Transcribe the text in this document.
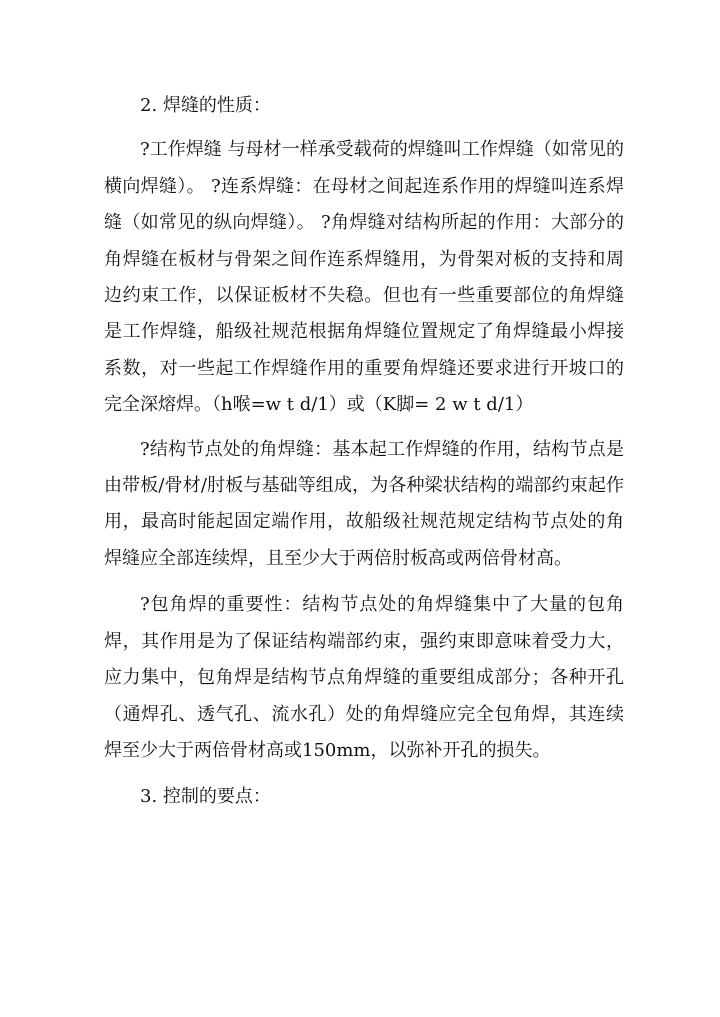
2. 焊缝的性质：

?工作焊缝 与母材一样承受载荷的焊缝叫工作焊缝（如常见的横向焊缝）。 ?连系焊缝：在母材之间起连系作用的焊缝叫连系焊缝（如常见的纵向焊缝）。 ?角焊缝对结构所起的作用：大部分的角焊缝在板材与骨架之间作连系焊缝用，为骨架对板的支持和周边约束工作，以保证板材不失稳。但也有一些重要部位的角焊缝是工作焊缝，船级社规范根据角焊缝位置规定了角焊缝最小焊接系数，对一些起工作焊缝作用的重要角焊缝还要求进行开坡口的完全深熔焊。（h喉=w t d/1）或（K脚= 2 w t d/1）

?结构节点处的角焊缝：基本起工作焊缝的作用，结构节点是由带板/骨材/肘板与基础等组成，为各种梁状结构的端部约束起作用，最高时能起固定端作用，故船级社规范规定结构节点处的角焊缝应全部连续焊，且至少大于两倍肘板高或两倍骨材高。

?包角焊的重要性：结构节点处的角焊缝集中了大量的包角焊，其作用是为了保证结构端部约束，强约束即意味着受力大，应力集中，包角焊是结构节点角焊缝的重要组成部分；各种开孔（通焊孔、透气孔、流水孔）处的角焊缝应完全包角焊，其连续焊至少大于两倍骨材高或150mm，以弥补开孔的损失。

3. 控制的要点：
